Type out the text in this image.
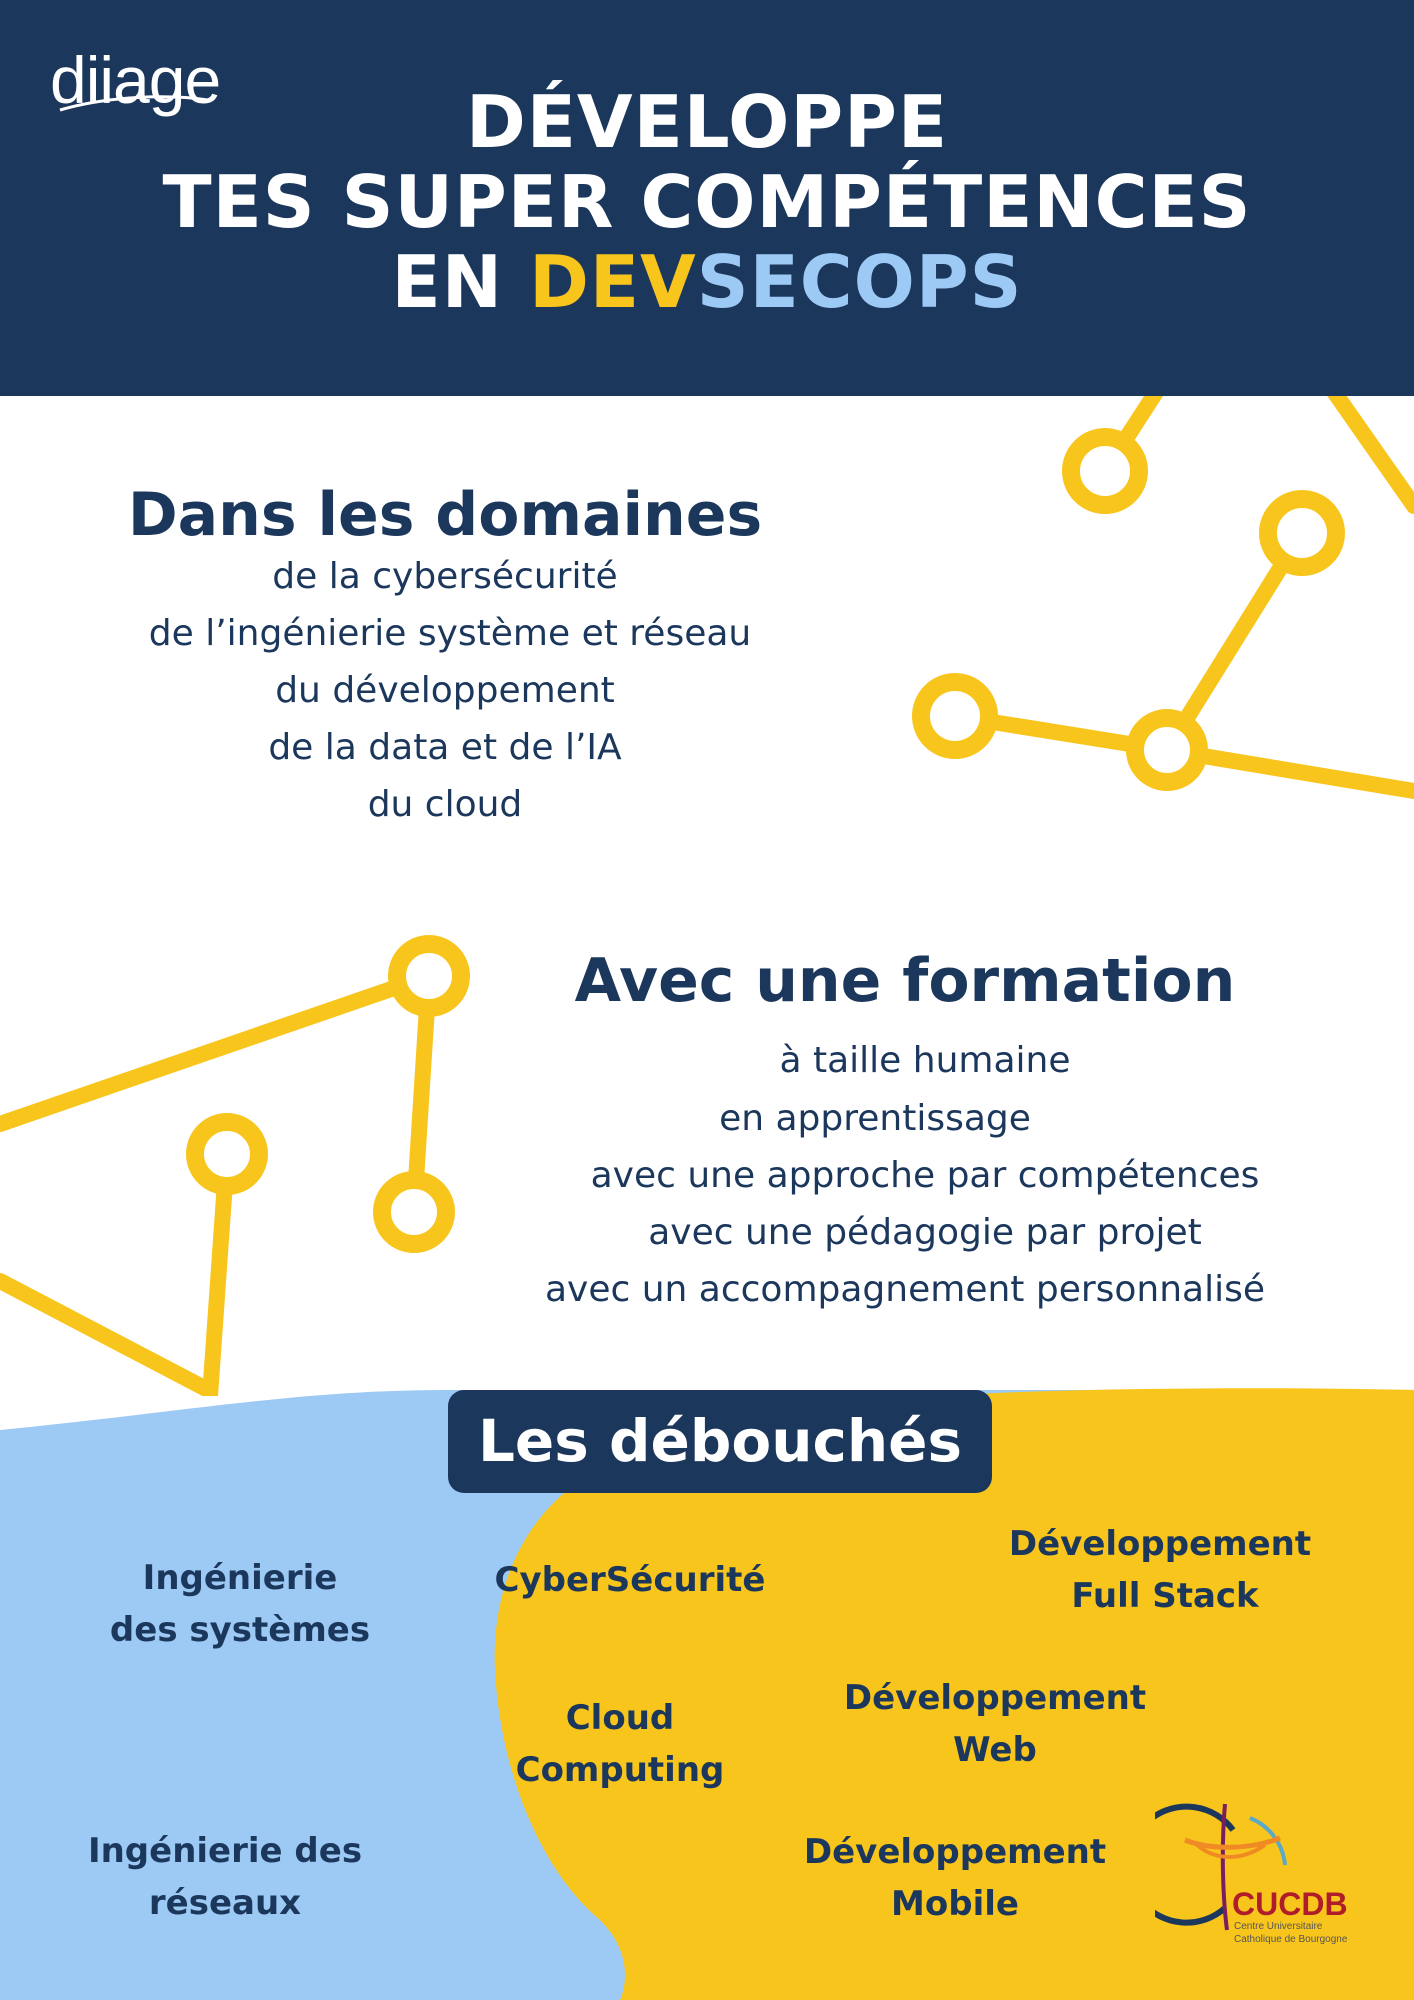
diiage	DÉVELOPPE
TES SUPER COMPÉTENCES
EN DEVSECOPS
Dans les domaines
de la cybersécurité
de l’ingénierie système et réseau
du développement
de la data et de l’IA
du cloud
Avec une formation
à taille humaine
en apprentissage
avec une approche par compétences
avec une pédagogie par projet
avec un accompagnement personnalisé
Les débouchés
Ingénierie
des systèmes
CyberSécurité
Développement
Full Stack
Cloud
Computing
Développement
Web
Ingénierie des
réseaux
Développement
Mobile	CUCDB
Centre Universitaire
Catholique de Bourgogne
